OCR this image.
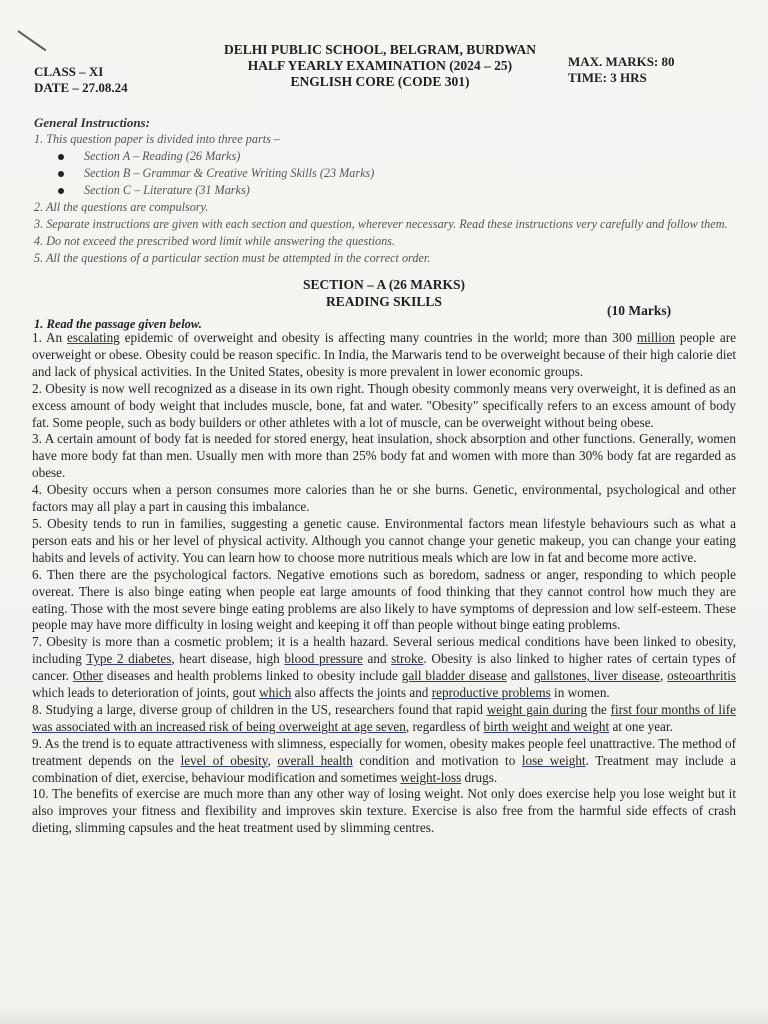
DELHI PUBLIC SCHOOL, BELGRAM, BURDWAN
HALF YEARLY EXAMINATION (2024 – 25)
ENGLISH CORE (CODE 301)
CLASS – XI
DATE – 27.08.24
MAX. MARKS: 80
TIME: 3 HRS
General Instructions:
1. This question paper is divided into three parts –
Section A – Reading (26 Marks)
Section B – Grammar & Creative Writing Skills (23 Marks)
Section C – Literature (31 Marks)
2. All the questions are compulsory.
3. Separate instructions are given with each section and question, wherever necessary. Read these instructions very carefully and follow them.
4. Do not exceed the prescribed word limit while answering the questions.
5. All the questions of a particular section must be attempted in the correct order.
SECTION – A (26 MARKS)
READING SKILLS
(10 Marks)
1. Read the passage given below.

1. An escalating epidemic of overweight and obesity is affecting many countries in the world; more than 300 million people are overweight or obese. Obesity could be reason specific. In India, the Marwaris tend to be overweight because of their high calorie diet and lack of physical activities. In the United States, obesity is more prevalent in lower economic groups.

2. Obesity is now well recognized as a disease in its own right. Though obesity commonly means very overweight, it is defined as an excess amount of body weight that includes muscle, bone, fat and water. "Obesity" specifically refers to an excess amount of body fat. Some people, such as body builders or other athletes with a lot of muscle, can be overweight without being obese.

3. A certain amount of body fat is needed for stored energy, heat insulation, shock absorption and other functions. Generally, women have more body fat than men. Usually men with more than 25% body fat and women with more than 30% body fat are regarded as obese.

4. Obesity occurs when a person consumes more calories than he or she burns. Genetic, environmental, psychological and other factors may all play a part in causing this imbalance.

5. Obesity tends to run in families, suggesting a genetic cause. Environmental factors mean lifestyle behaviours such as what a person eats and his or her level of physical activity. Although you cannot change your genetic makeup, you can change your eating habits and levels of activity. You can learn how to choose more nutritious meals which are low in fat and become more active.

6. Then there are the psychological factors. Negative emotions such as boredom, sadness or anger, responding to which people overeat. There is also binge eating when people eat large amounts of food thinking that they cannot control how much they are eating. Those with the most severe binge eating problems are also likely to have symptoms of depression and low self-esteem. These people may have more difficulty in losing weight and keeping it off than people without binge eating problems.

7. Obesity is more than a cosmetic problem; it is a health hazard. Several serious medical conditions have been linked to obesity, including Type 2 diabetes, heart disease, high blood pressure and stroke. Obesity is also linked to higher rates of certain types of cancer. Other diseases and health problems linked to obesity include gall bladder disease and gallstones, liver disease, osteoarthritis which leads to deterioration of joints, gout which also affects the joints and reproductive problems in women.

8. Studying a large, diverse group of children in the US, researchers found that rapid weight gain during the first four months of life was associated with an increased risk of being overweight at age seven, regardless of birth weight and weight at one year.

9. As the trend is to equate attractiveness with slimness, especially for women, obesity makes people feel unattractive. The method of treatment depends on the level of obesity, overall health condition and motivation to lose weight. Treatment may include a combination of diet, exercise, behaviour modification and sometimes weight-loss drugs.

10. The benefits of exercise are much more than any other way of losing weight. Not only does exercise help you lose weight but it also improves your fitness and flexibility and improves skin texture. Exercise is also free from the harmful side effects of crash dieting, slimming capsules and the heat treatment used by slimming centres.
